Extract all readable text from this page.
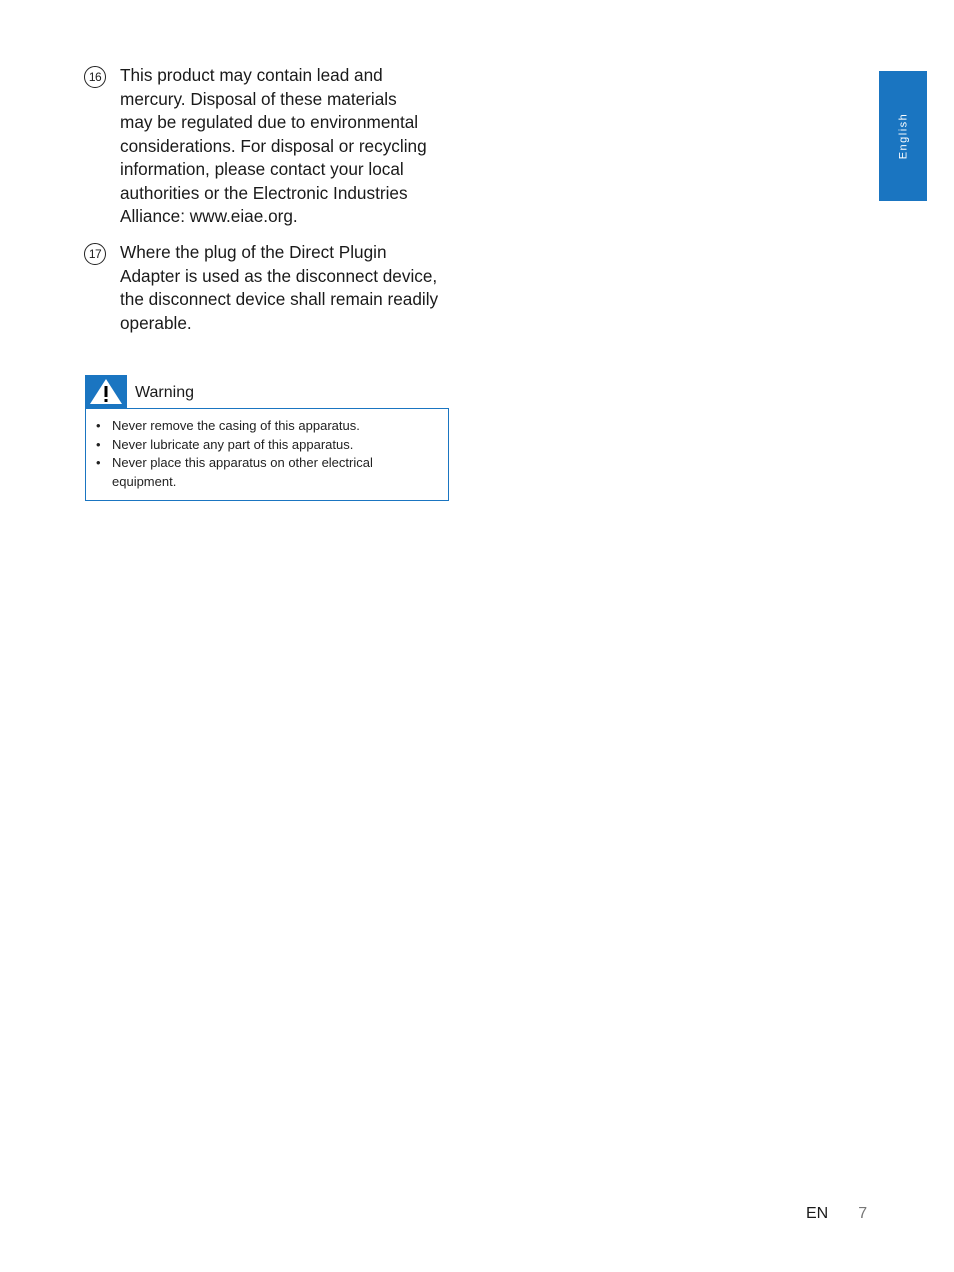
16 This product may contain lead and
mercury. Disposal of these materials
may be regulated due to environmental
considerations. For disposal or recycling
information, please contact your local
authorities or the Electronic Industries
Alliance: www.eiae.org.
17 Where the plug of the Direct Plugin
Adapter is used as the disconnect device,
the disconnect device shall remain readily
operable.
Warning
• Never remove the casing of this apparatus.
• Never lubricate any part of this apparatus.
• Never place this apparatus on other electrical equipment.
English
EN 7
